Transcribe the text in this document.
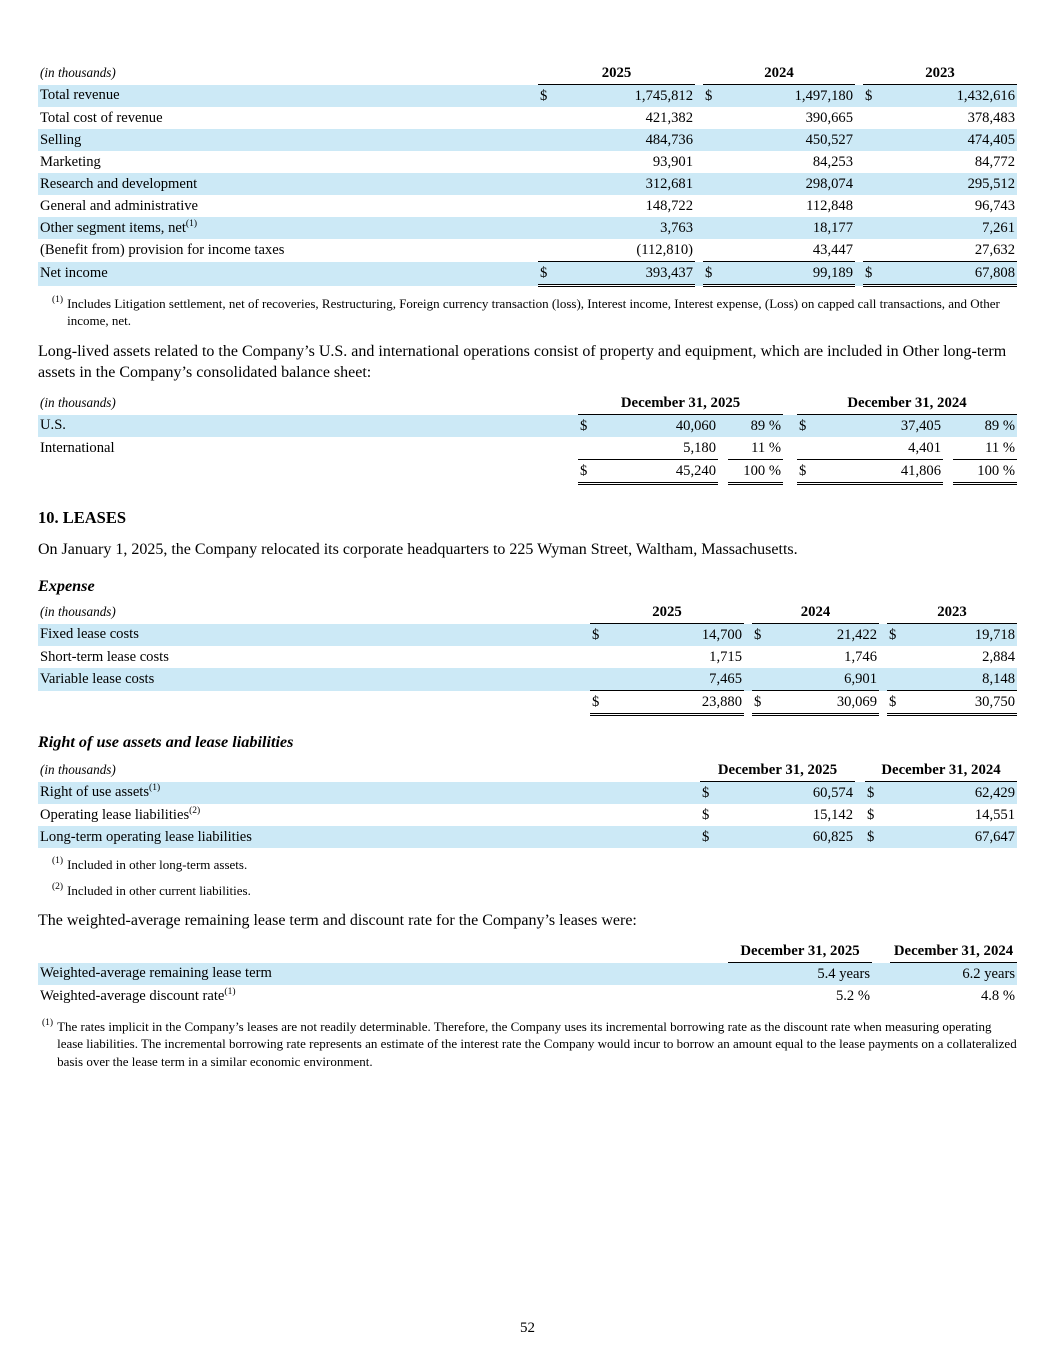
(in thousands)	2025			2024			2023	
Total revenue	$	1,745,812		$	1,497,180		$	1,432,616
Total cost of revenue		421,382			390,665			378,483
Selling		484,736			450,527			474,405
Marketing		93,901			84,253			84,772
Research and development		312,681			298,074			295,512
General and administrative		148,722			112,848			96,743
Other segment items, net$^{(1)}$		3,763			18,177			7,261
(Benefit from) provision for income taxes		(112,810)			43,447			27,632
Net income	$	393,437		$	99,189		$	67,808
(1) Includes Litigation settlement, net of recoveries, Restructuring, Foreign currency transaction (loss), Interest income, Interest expense, (Loss) on capped call transactions, and Other income, net.

Long-lived assets related to the Company’s U.S. and international operations consist of property and equipment, which are included in Other long-term assets in the Company’s consolidated balance sheet:

(in thousands)	December 31, 2025					December 31, 2024			
U.S.	$	40,060		89 %		$	37,405		89 %
International		5,180		11 %			4,401		11 %
	$	45,240		100 %		$	41,806		100 %
10. LEASES

On January 1, 2025, the Company relocated its corporate headquarters to 225 Wyman Street, Waltham, Massachusetts.

Expense
(in thousands)	2025			2024			2023	
Fixed lease costs	$	14,700		$	21,422		$	19,718
Short-term lease costs		1,715			1,746			2,884
Variable lease costs		7,465			6,901			8,148
	$	23,880		$	30,069		$	30,750
Right of use assets and lease liabilities
(in thousands)	December 31, 2025			December 31, 2024	
Right of use assets$^{(1)}$	$	60,574		$	62,429
Operating lease liabilities$^{(2)}$	$	15,142		$	14,551
Long-term operating lease liabilities	$	60,825		$	67,647
(1) Included in other long-term assets.
(2) Included in other current liabilities.

The weighted-average remaining lease term and discount rate for the Company’s leases were:

	December 31, 2025		December 31, 2024
Weighted-average remaining lease term	5.4 years		6.2 years
Weighted-average discount rate$^{(1)}$	5.2 %		4.8 %
(1) The rates implicit in the Company’s leases are not readily determinable. Therefore, the Company uses its incremental borrowing rate as the discount rate when measuring operating lease liabilities. The incremental borrowing rate represents an estimate of the interest rate the Company would incur to borrow an amount equal to the lease payments on a collateralized basis over the lease term in a similar economic environment.
52
